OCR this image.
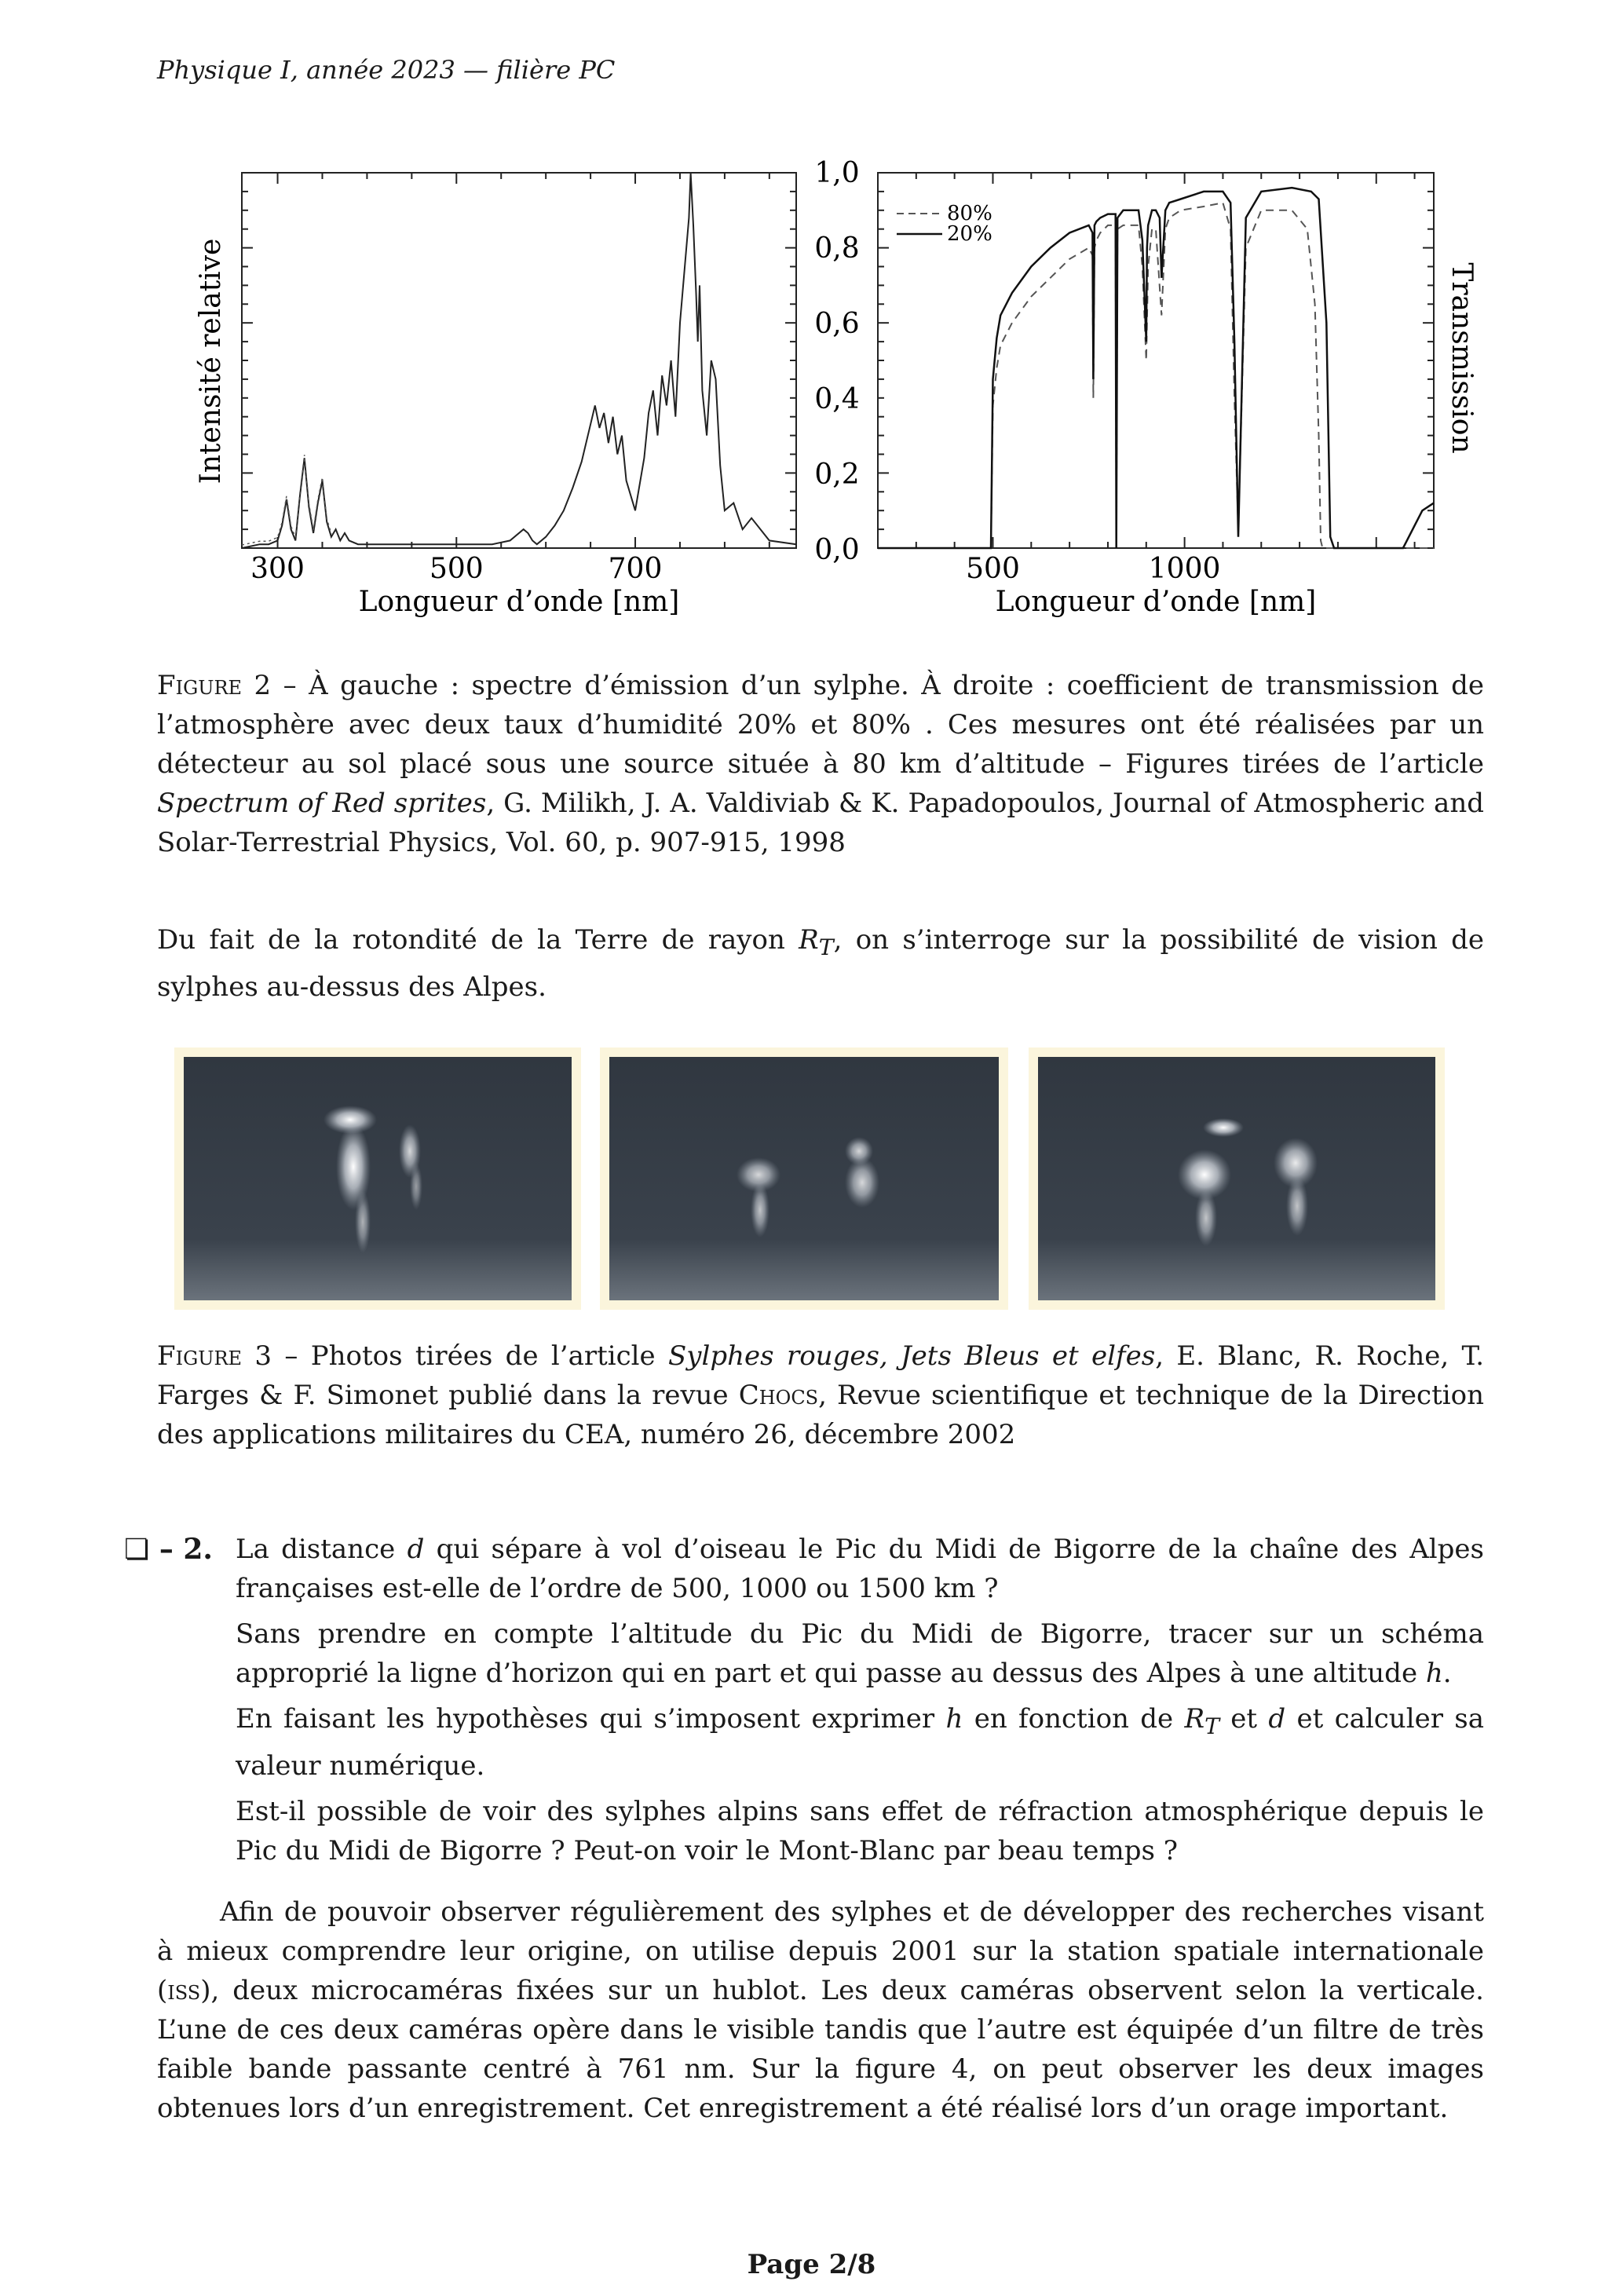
Physique I, année 2023 — filière PC
300	500	700
Longueur d’onde [nm]
Intensité relative
1,0
0,8
0,6
0,4
0,2
0,0
500	1000
Longueur d’onde [nm]
Transmission
80%
20%
Figure 2 – À gauche : spectre d’émission d’un sylphe. À droite : coefficient de transmission de l’atmosphère avec deux taux d’humidité 20% et 80% . Ces mesures ont été réalisées par un détecteur au sol placé sous une source située à 80 km d’altitude – Figures tirées de l’article Spectrum of Red sprites, G. Milikh, J. A. Valdiviab & K. Papadopoulos, Journal of Atmospheric and Solar-Terrestrial Physics, Vol. 60, p. 907-915, 1998
Du fait de la rotondité de la Terre de rayon $R_T$, on s’interroge sur la possibilité de vision de sylphes au-dessus des Alpes.
Figure 3 – Photos tirées de l’article Sylphes rouges, Jets Bleus et elfes, E. Blanc, R. Roche, T. Farges & F. Simonet publié dans la revue Chocs, Revue scientifique et technique de la Direction des applications militaires du CEA, numéro 26, décembre 2002
❏ – 2. La distance d qui sépare à vol d’oiseau le Pic du Midi de Bigorre de la chaîne des Alpes françaises est-elle de l’ordre de 500, 1000 ou 1500 km ?

Sans prendre en compte l’altitude du Pic du Midi de Bigorre, tracer sur un schéma approprié la ligne d’horizon qui en part et qui passe au dessus des Alpes à une altitude h.

En faisant les hypothèses qui s’imposent exprimer h en fonction de $R_T$ et d et calculer sa valeur numérique.

Est-il possible de voir des sylphes alpins sans effet de réfraction atmosphérique depuis le Pic du Midi de Bigorre ? Peut-on voir le Mont-Blanc par beau temps ?

Afin de pouvoir observer régulièrement des sylphes et de développer des recherches visant à mieux comprendre leur origine, on utilise depuis 2001 sur la station spatiale internationale (iss), deux microcaméras fixées sur un hublot. Les deux caméras observent selon la verticale. L’une de ces deux caméras opère dans le visible tandis que l’autre est équipée d’un filtre de très faible bande passante centré à 761 nm. Sur la figure 4, on peut observer les deux images obtenues lors d’un enregistrement. Cet enregistrement a été réalisé lors d’un orage important.
Page 2/8
